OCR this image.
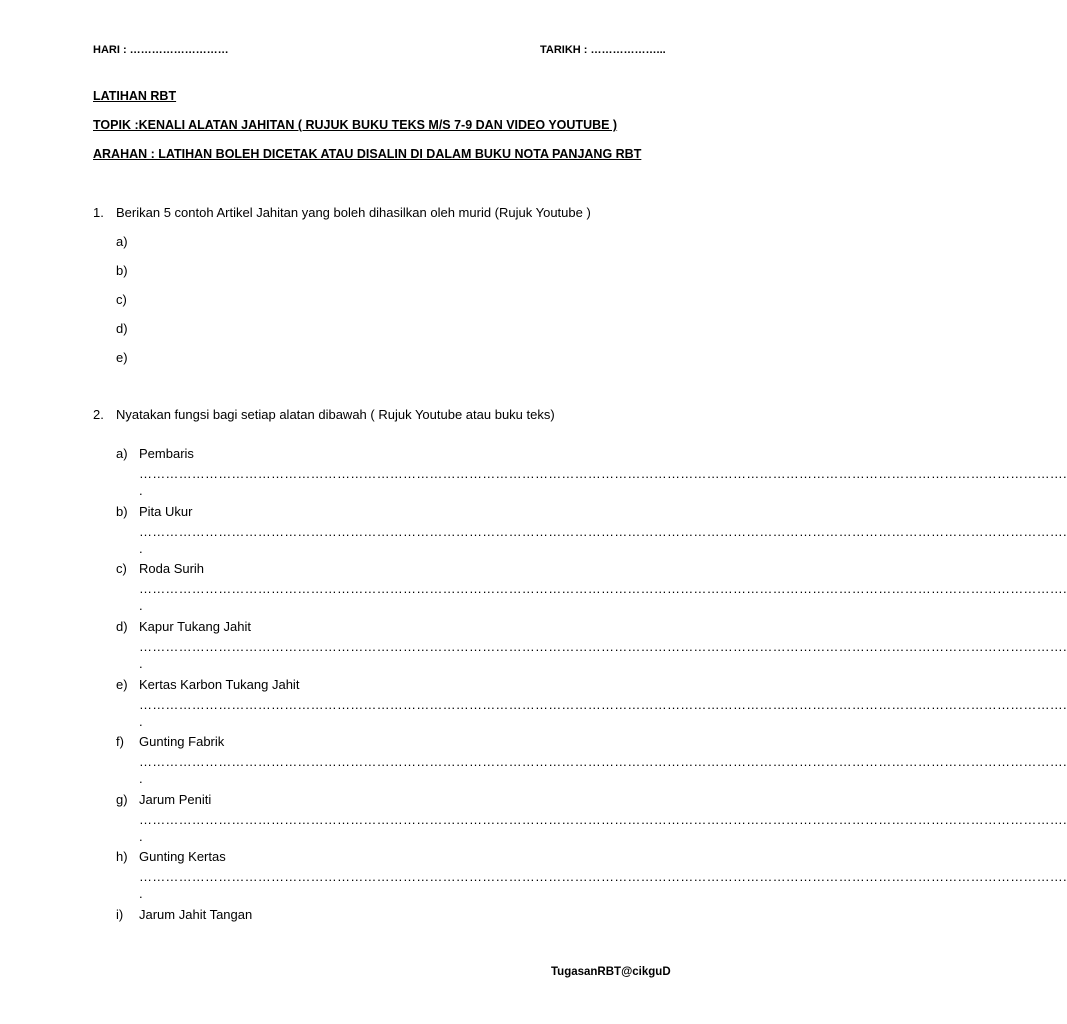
HARI : ………………………	TARIKH : ………………...
LATIHAN RBT
TOPIK :KENALI ALATAN JAHITAN ( RUJUK BUKU TEKS M/S 7-9 DAN VIDEO YOUTUBE )
ARAHAN : LATIHAN BOLEH DICETAK ATAU DISALIN DI DALAM BUKU NOTA PANJANG RBT
1. Berikan 5 contoh Artikel Jahitan yang boleh dihasilkan oleh murid (Rujuk Youtube )
a)
b)
c)
d)
e)
2. Nyatakan fungsi bagi setiap alatan dibawah ( Rujuk Youtube atau buku teks)
a) Pembaris
………………………………………………………………………………………………………………………………………………………………………………………….
.
b) Pita Ukur
………………………………………………………………………………………………………………………………………………………………………………………….
.
c) Roda Surih
………………………………………………………………………………………………………………………………………………………………………………………….
.
d) Kapur Tukang Jahit
………………………………………………………………………………………………………………………………………………………………………………………….
.
e) Kertas Karbon Tukang Jahit
………………………………………………………………………………………………………………………………………………………………………………………….
.
f) Gunting Fabrik
………………………………………………………………………………………………………………………………………………………………………………………….
.
g) Jarum Peniti
………………………………………………………………………………………………………………………………………………………………………………………….
.
h) Gunting Kertas
………………………………………………………………………………………………………………………………………………………………………………………….
.
i) Jarum Jahit Tangan
TugasanRBT@cikguD
